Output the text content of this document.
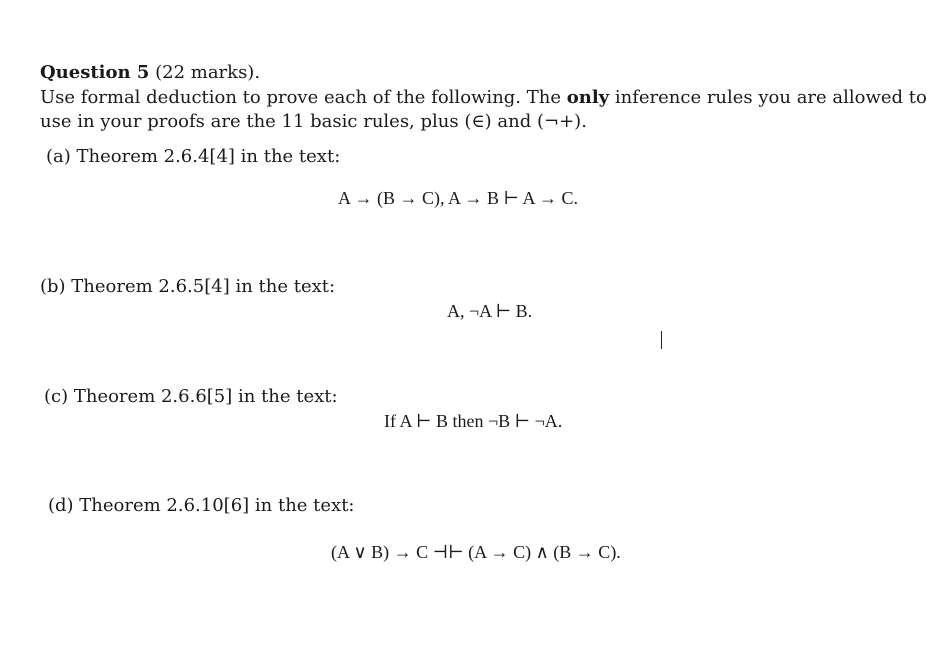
Question 5 (22 marks).
Use formal deduction to prove each of the following. The only inference rules you are allowed to
use in your proofs are the 11 basic rules, plus (∈) and (¬+).
(a) Theorem 2.6.4[4] in the text:
A → (B → C), A → B ⊢ A → C.
(b) Theorem 2.6.5[4] in the text:
A, ¬A ⊢ B.
(c) Theorem 2.6.6[5] in the text:
If A ⊢ B then ¬B ⊢ ¬A.
(d) Theorem 2.6.10[6] in the text:
(A ∨ B) → C ⊣⊢ (A → C) ∧ (B → C).
